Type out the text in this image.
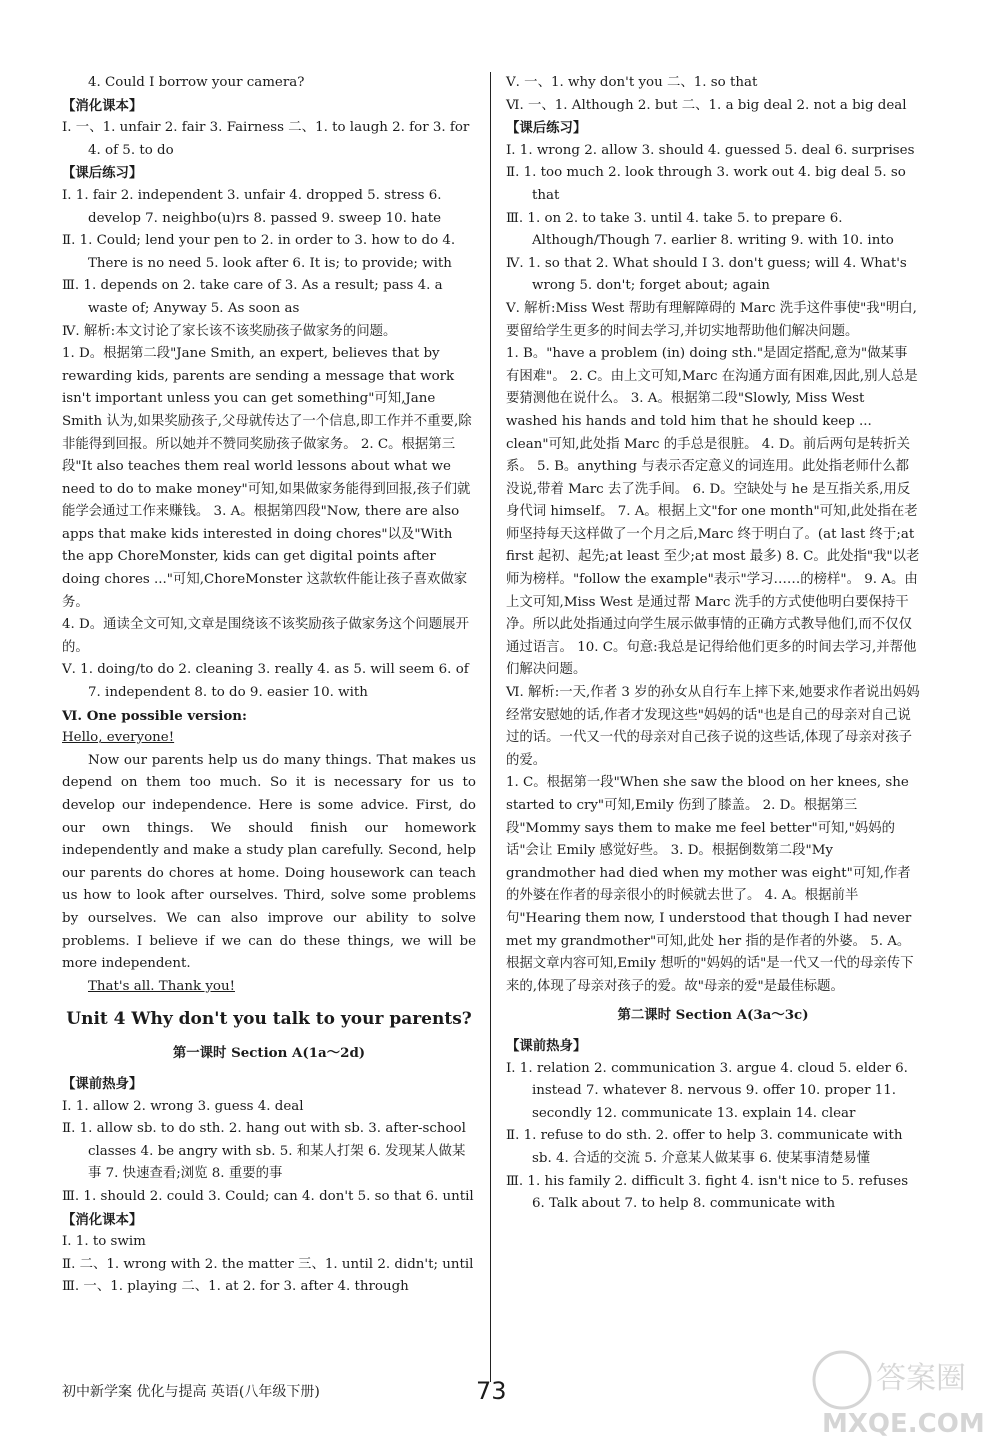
4. Could I borrow your camera?
【消化课本】
Ⅰ. 一、1. unfair 2. fair 3. Fairness 二、1. to laugh 2. for 3. for 4. of 5. to do
【课后练习】
Ⅰ. 1. fair 2. independent 3. unfair 4. dropped 5. stress 6. develop 7. neighbo(u)rs 8. passed 9. sweep 10. hate
Ⅱ. 1. Could; lend your pen to 2. in order to 3. how to do 4. There is no need 5. look after 6. It is; to provide; with
Ⅲ. 1. depends on 2. take care of 3. As a result; pass 4. a waste of; Anyway 5. As soon as
Ⅳ. 解析:本文讨论了家长该不该奖励孩子做家务的问题。
1. D。根据第二段"Jane Smith, an expert, believes that by rewarding kids, parents are sending a message that work isn't important unless you can get something"可知,Jane Smith 认为,如果奖励孩子,父母就传达了一个信息,即工作并不重要,除非能得到回报。所以她并不赞同奖励孩子做家务。 2. C。根据第三段"It also teaches them real world lessons about what we need to do to make money"可知,如果做家务能得到回报,孩子们就能学会通过工作来赚钱。 3. A。根据第四段"Now, there are also apps that make kids interested in doing chores"以及"With the app ChoreMonster, kids can get digital points after doing chores ..."可知,ChoreMonster 这款软件能让孩子喜欢做家务。
4. D。通读全文可知,文章是围绕该不该奖励孩子做家务这个问题展开的。
Ⅴ. 1. doing/to do 2. cleaning 3. really 4. as 5. will seem 6. of 7. independent 8. to do 9. easier 10. with
Ⅵ. One possible version:
Hello, everyone!
Now our parents help us do many things. That makes us depend on them too much. So it is necessary for us to develop our independence. Here is some advice. First, do our own things. We should finish our homework independently and make a study plan carefully. Second, help our parents do chores at home. Doing housework can teach us how to look after ourselves. Third, solve some problems by ourselves. We can also improve our ability to solve problems. I believe if we can do these things, we will be more independent.
That's all. Thank you!
Unit 4 Why don't you talk to your parents?
第一课时 Section A(1a～2d)
【课前热身】
Ⅰ. 1. allow 2. wrong 3. guess 4. deal
Ⅱ. 1. allow sb. to do sth. 2. hang out with sb. 3. after-school classes 4. be angry with sb. 5. 和某人打架 6. 发现某人做某事 7. 快速查看;浏览 8. 重要的事
Ⅲ. 1. should 2. could 3. Could; can 4. don't 5. so that 6. until
【消化课本】
Ⅰ. 1. to swim
Ⅱ. 二、1. wrong with 2. the matter 三、1. until 2. didn't; until
Ⅲ. 一、1. playing 二、1. at 2. for 3. after 4. through
Ⅴ. 一、1. why don't you 二、1. so that
Ⅵ. 一、1. Although 2. but 二、1. a big deal 2. not a big deal
【课后练习】
Ⅰ. 1. wrong 2. allow 3. should 4. guessed 5. deal 6. surprises
Ⅱ. 1. too much 2. look through 3. work out 4. big deal 5. so that
Ⅲ. 1. on 2. to take 3. until 4. take 5. to prepare 6. Although/Though 7. earlier 8. writing 9. with 10. into
Ⅳ. 1. so that 2. What should I 3. don't guess; will 4. What's wrong 5. don't; forget about; again
Ⅴ. 解析:Miss West 帮助有理解障碍的 Marc 洗手这件事使"我"明白,要留给学生更多的时间去学习,并切实地帮助他们解决问题。
1. B。"have a problem (in) doing sth."是固定搭配,意为"做某事有困难"。 2. C。由上文可知,Marc 在沟通方面有困难,因此,别人总是要猜测他在说什么。 3. A。根据第二段"Slowly, Miss West washed his hands and told him that he should keep ... clean"可知,此处指 Marc 的手总是很脏。 4. D。前后两句是转折关系。 5. B。anything 与表示否定意义的词连用。此处指老师什么都没说,带着 Marc 去了洗手间。 6. D。空缺处与 he 是互指关系,用反身代词 himself。 7. A。根据上文"for one month"可知,此处指在老师坚持每天这样做了一个月之后,Marc 终于明白了。(at last 终于;at first 起初、起先;at least 至少;at most 最多) 8. C。此处指"我"以老师为榜样。"follow the example"表示"学习……的榜样"。 9. A。由上文可知,Miss West 是通过帮 Marc 洗手的方式使他明白要保持干净。所以此处指通过向学生展示做事情的正确方式教导他们,而不仅仅通过语言。 10. C。句意:我总是记得给他们更多的时间去学习,并帮他们解决问题。
Ⅵ. 解析:一天,作者 3 岁的孙女从自行车上摔下来,她要求作者说出妈妈经常安慰她的话,作者才发现这些"妈妈的话"也是自己的母亲对自己说过的话。一代又一代的母亲对自己孩子说的这些话,体现了母亲对孩子的爱。
1. C。根据第一段"When she saw the blood on her knees, she started to cry"可知,Emily 伤到了膝盖。 2. D。根据第三段"Mommy says them to make me feel better"可知,"妈妈的话"会让 Emily 感觉好些。 3. D。根据倒数第二段"My grandmother had died when my mother was eight"可知,作者的外婆在作者的母亲很小的时候就去世了。 4. A。根据前半句"Hearing them now, I understood that though I had never met my grandmother"可知,此处 her 指的是作者的外婆。 5. A。根据文章内容可知,Emily 想听的"妈妈的话"是一代又一代的母亲传下来的,体现了母亲对孩子的爱。故"母亲的爱"是最佳标题。
第二课时 Section A(3a～3c)
【课前热身】
Ⅰ. 1. relation 2. communication 3. argue 4. cloud 5. elder 6. instead 7. whatever 8. nervous 9. offer 10. proper 11. secondly 12. communicate 13. explain 14. clear
Ⅱ. 1. refuse to do sth. 2. offer to help 3. communicate with sb. 4. 合适的交流 5. 介意某人做某事 6. 使某事清楚易懂
Ⅲ. 1. his family 2. difficult 3. fight 4. isn't nice to 5. refuses 6. Talk about 7. to help 8. communicate with
初中新学案 优化与提高 英语(八年级下册)	73	答案圈
MXQE.COM
